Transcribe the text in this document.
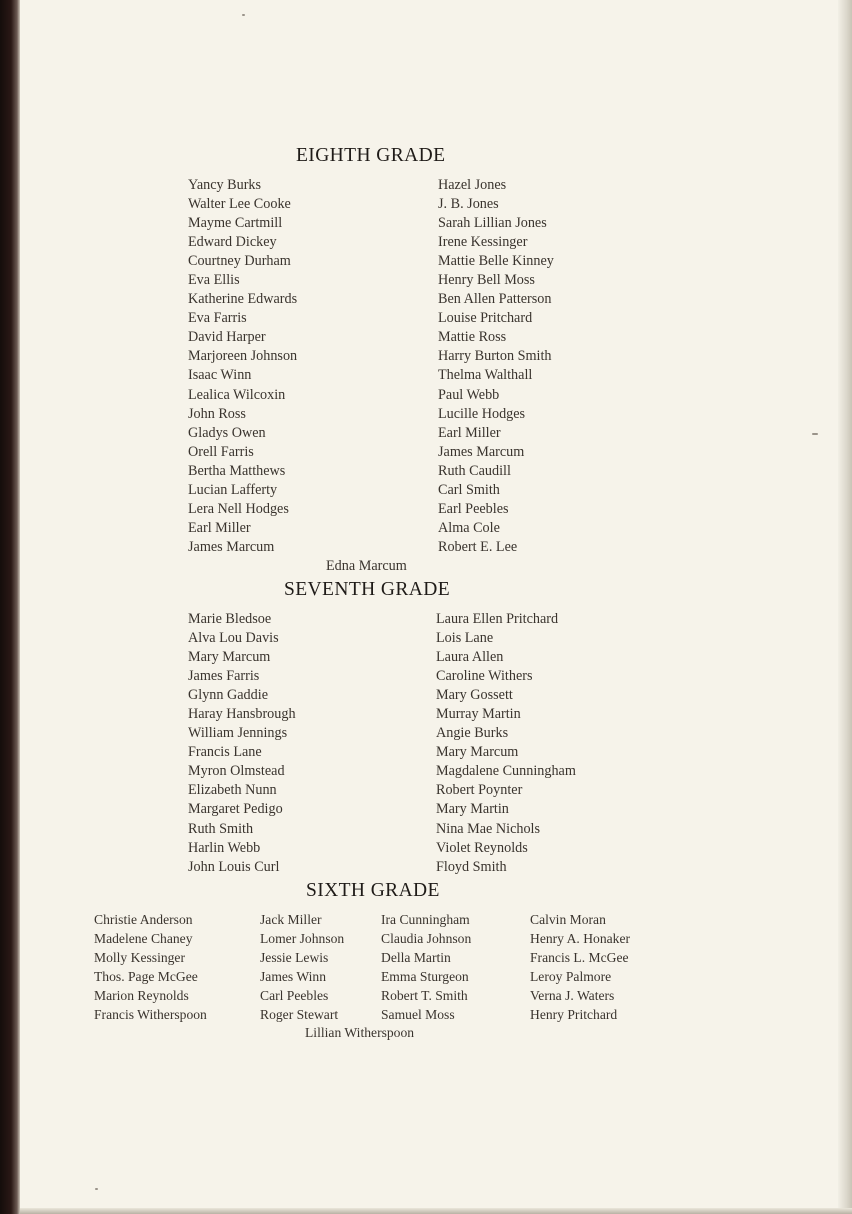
EIGHTH GRADE
Yancy Burks
Walter Lee Cooke
Mayme Cartmill
Edward Dickey
Courtney Durham
Eva Ellis
Katherine Edwards
Eva Farris
David Harper
Marjoreen Johnson
Isaac Winn
Lealica Wilcoxin
John Ross
Gladys Owen
Orell Farris
Bertha Matthews
Lucian Lafferty
Lera Nell Hodges
Earl Miller
James Marcum
Hazel Jones
J. B. Jones
Sarah Lillian Jones
Irene Kessinger
Mattie Belle Kinney
Henry Bell Moss
Ben Allen Patterson
Louise Pritchard
Mattie Ross
Harry Burton Smith
Thelma Walthall
Paul Webb
Lucille Hodges
Earl Miller
James Marcum
Ruth Caudill
Carl Smith
Earl Peebles
Alma Cole
Robert E. Lee
Edna Marcum
SEVENTH GRADE
Marie Bledsoe
Alva Lou Davis
Mary Marcum
James Farris
Glynn Gaddie
Haray Hansbrough
William Jennings
Francis Lane
Myron Olmstead
Elizabeth Nunn
Margaret Pedigo
Ruth Smith
Harlin Webb
John Louis Curl
Laura Ellen Pritchard
Lois Lane
Laura Allen
Caroline Withers
Mary Gossett
Murray Martin
Angie Burks
Mary Marcum
Magdalene Cunningham
Robert Poynter
Mary Martin
Nina Mae Nichols
Violet Reynolds
Floyd Smith
SIXTH GRADE
Christie Anderson
Madelene Chaney
Molly Kessinger
Thos. Page McGee
Marion Reynolds
Francis Witherspoon
Jack Miller
Lomer Johnson
Jessie Lewis
James Winn
Carl Peebles
Roger Stewart
Ira Cunningham
Claudia Johnson
Della Martin
Emma Sturgeon
Robert T. Smith
Samuel Moss
Calvin Moran
Henry A. Honaker
Francis L. McGee
Leroy Palmore
Verna J. Waters
Henry Pritchard
Lillian Witherspoon
